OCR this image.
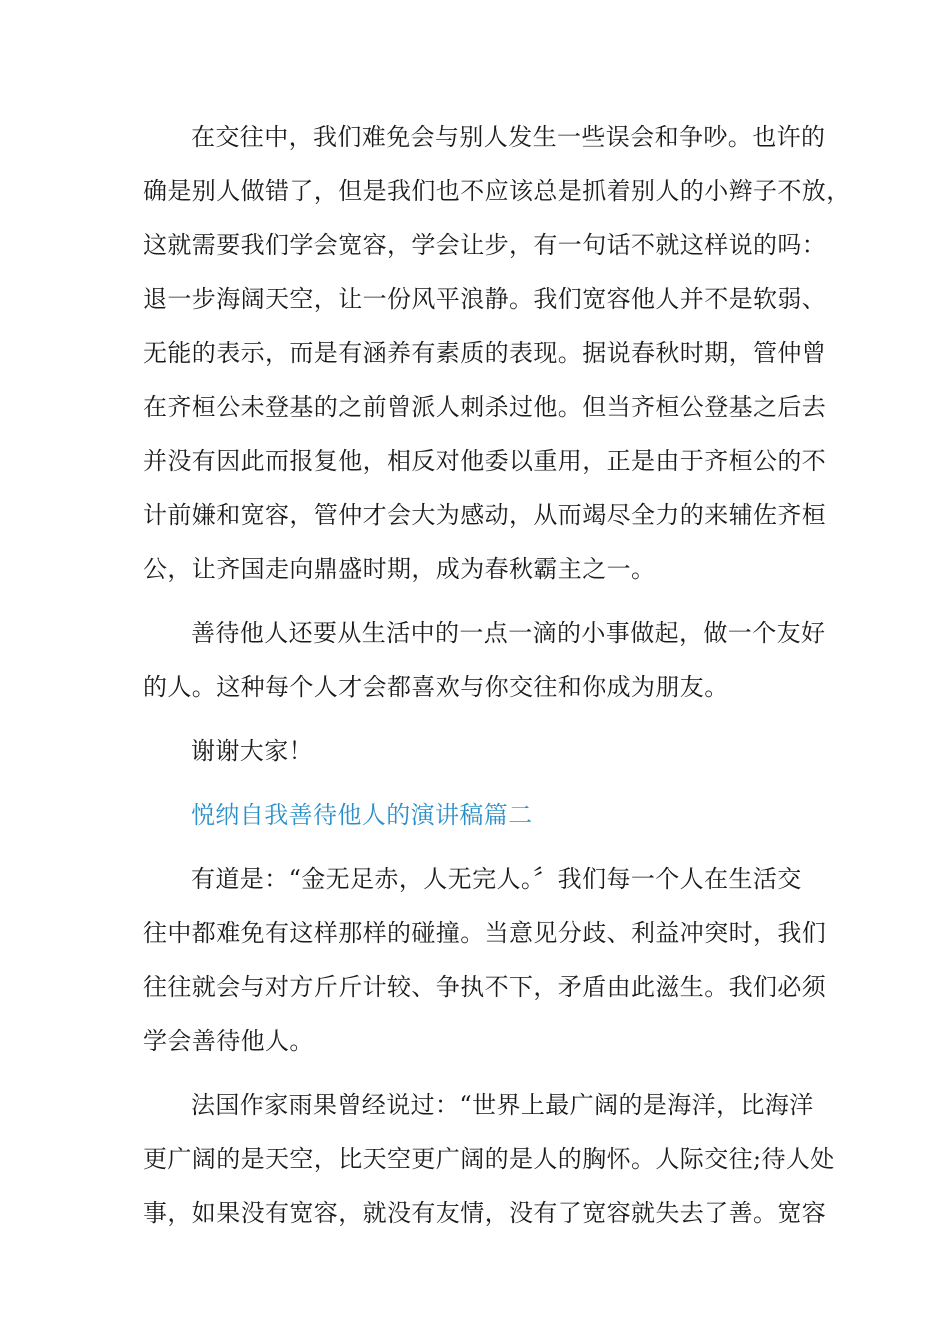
在交往中，我们难免会与别人发生一些误会和争吵。也许的
确是别人做错了，但是我们也不应该总是抓着别人的小辫子不放，
这就需要我们学会宽容，学会让步，有一句话不就这样说的吗：
退一步海阔天空，让一份风平浪静。我们宽容他人并不是软弱、
无能的表示，而是有涵养有素质的表现。据说春秋时期，管仲曾
在齐桓公未登基的之前曾派人刺杀过他。但当齐桓公登基之后去
并没有因此而报复他，相反对他委以重用，正是由于齐桓公的不
计前嫌和宽容，管仲才会大为感动，从而竭尽全力的来辅佐齐桓
公，让齐国走向鼎盛时期，成为春秋霸主之一。
善待他人还要从生活中的一点一滴的小事做起，做一个友好
的人。这种每个人才会都喜欢与你交往和你成为朋友。
谢谢大家！
悦纳自我善待他人的演讲稿篇二
有道是：“金无足赤，人无完人。〞我们每一个人在生活交
往中都难免有这样那样的碰撞。当意见分歧、利益冲突时，我们
往往就会与对方斤斤计较、争执不下，矛盾由此滋生。我们必须
学会善待他人。
法国作家雨果曾经说过：“世界上最广阔的是海洋，比海洋
更广阔的是天空，比天空更广阔的是人的胸怀。人际交往;待人处
事，如果没有宽容，就没有友情，没有了宽容就失去了善。宽容
